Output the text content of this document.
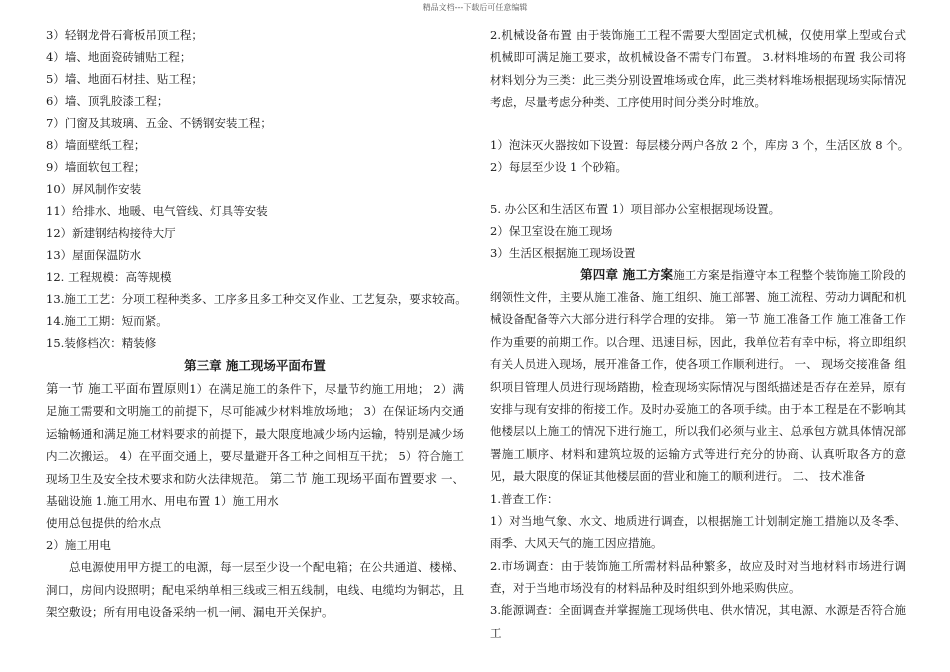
精品文档---下载后可任意编辑
3）轻钢龙骨石膏板吊顶工程；
4）墙、地面瓷砖铺贴工程；
5）墙、地面石材挂、贴工程；
6）墙、顶乳胶漆工程；
7）门窗及其玻璃、五金、不锈钢安装工程；
8）墙面壁纸工程；
9）墙面软包工程；
10）屏风制作安装
11）给排水、地暖、电气管线、灯具等安装
12）新建钢结构接待大厅
13）屋面保温防水
12. 工程规模：高等规模
13.施工工艺：分项工程种类多、工序多且多工种交叉作业、工艺复杂，要求较高。
14.施工工期：短而紧。
15.装修档次：精装修
第三章 施工现场平面布置
第一节 施工平面布置原则1）在满足施工的条件下，尽量节约施工用地； 2）满足施工需要和文明施工的前提下，尽可能减少材料堆放场地； 3）在保证场内交通运输畅通和满足施工材料要求的前提下，最大限度地减少场内运输，特别是减少场内二次搬运。 4）在平面交通上，要尽量避开各工种之间相互干扰； 5）符合施工现场卫生及安全技术要求和防火法律规范。 第二节 施工现场平面布置要求 一、 基础设施 1.施工用水、用电布置 1）施工用水
使用总包提供的给水点
2）施工用电
总电源使用甲方提工的电源，每一层至少设一个配电箱；在公共通道、楼梯、洞口，房间内设照明；配电采纳单相三线或三相五线制，电线、电缆均为铜芯，且架空敷设；所有用电设备采纳一机一闸、漏电开关保护。
2.机械设备布置 由于装饰施工工程不需要大型固定式机械，仅使用掌上型或台式机械即可满足施工要求，故机械设备不需专门布置。 3.材料堆场的布置 我公司将材料划分为三类：此三类分别设置堆场或仓库，此三类材料堆场根据现场实际情况考虑，尽量考虑分种类、工序使用时间分类分时堆放。
1）泡沫灭火器按如下设置：每层楼分两户各放 2 个，库房 3 个，生活区放 8 个。
2）每层至少设 1 个砂箱。
5. 办公区和生活区布置 1）项目部办公室根据现场设置。
2）保卫室设在施工现场
3）生活区根据施工现场设置
第四章 施工方案施工方案是指遵守本工程整个装饰施工阶段的纲领性文件，主要从施工准备、施工组织、施工部署、施工流程、劳动力调配和机械设备配备等六大部分进行科学合理的安排。 第一节 施工准备工作 施工准备工作作为重要的前期工作。以合理、迅速目标，因此，我单位若有幸中标，将立即组织有关人员进入现场，展开准备工作，使各项工作顺利进行。 一、 现场交接准备 组织项目管理人员进行现场踏勘，检查现场实际情况与图纸描述是否存在差异，原有安排与现有安排的衔接工作。及时办妥施工的各项手续。由于本工程是在不影响其他楼层以上施工的情况下进行施工，所以我们必须与业主、总承包方就具体情况部署施工顺序、材料和建筑垃圾的运输方式等进行充分的协商、认真听取各方的意见，最大限度的保证其他楼层面的营业和施工的顺利进行。 二、 技术准备
1.普查工作：
1）对当地气象、水文、地质进行调查，以根据施工计划制定施工措施以及冬季、雨季、大风天气的施工因应措施。
2.市场调查：由于装饰施工所需材料品种繁多，故应及时对当地材料市场进行调查，对于当地市场没有的材料品种及时组织到外地采购供应。
3.能源调查：全面调查并掌握施工现场供电、供水情况，其电源、水源是否符合施工
